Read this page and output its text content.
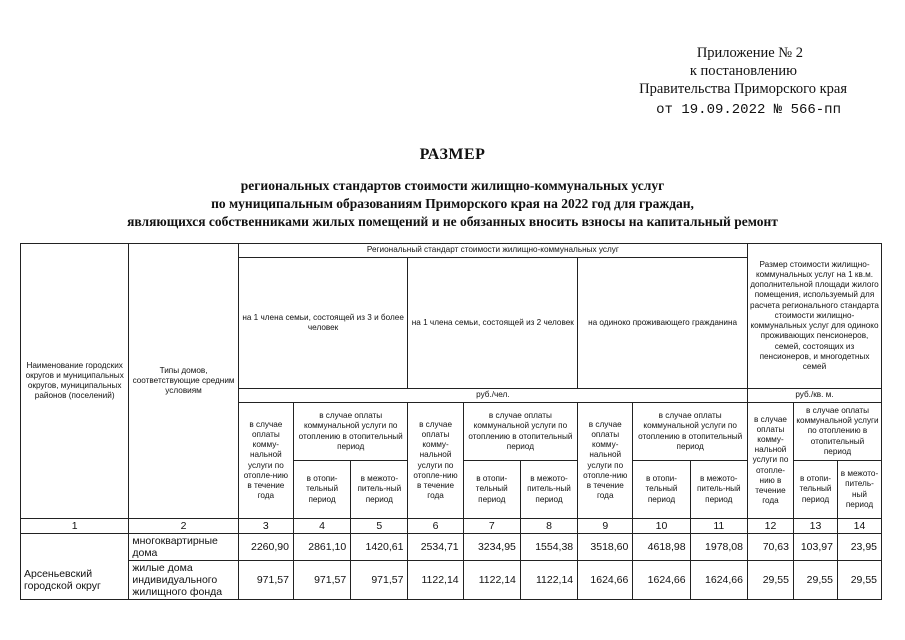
Приложение № 2
к постановлению
Правительства Приморского края
от 19.09.2022 № 566-пп
РАЗМЕР
региональных стандартов стоимости жилищно-коммунальных услуг
по муниципальным образованиям Приморского края на 2022 год для граждан,
являющихся собственниками жилых помещений и не обязанных вносить взносы на капитальный ремонт
Наименование городских округов и муниципальных округов, муниципальных районов (поселений)	Типы домов, соответствующие средним условиям	Региональный стандарт стоимости жилищно-коммунальных услуг									Размер стоимости жилищно-коммунальных услуг на 1 кв.м. дополнительной площади жилого помещения, используемый для расчета регионального стандарта стоимости жилищно-коммунальных услуг для одиноко проживающих пенсионеров, семей, состоящих из пенсионеров, и многодетных семей		
		на 1 члена семьи, состоящей из 3 и более человек			на 1 члена семьи, состоящей из 2 человек			на одиноко проживающего гражданина					
		руб./чел.									руб./кв. м.		
		в случае оплаты комму-нальной услуги по отопле-нию в течение года	в случае оплаты коммунальной услуги по отоплению в отопительный период		в случае оплаты комму-нальной услуги по отопле-нию в течение года	в случае оплаты коммунальной услуги по отоплению в отопительный период		в случае оплаты комму-нальной услуги по отопле-нию в течение года	в случае оплаты коммунальной услуги по отоплению в отопительный период		в случае оплаты комму-нальной услуги по отопле-нию в течение года	в случае оплаты коммунальной услуги по отоплению в отопительный период	
			в отопи-тельный период	в межото-питель-ный период		в отопи-тельный период	в межото-питель-ный период		в отопи-тельный период	в межото-питель-ный период		в отопи-тельный период	в межото-питель-ный период
1	2	3	4	5	6	7	8	9	10	11	12	13	14
	многоквартирные дома	2260,90	2861,10	1420,61	2534,71	3234,95	1554,38	3518,60	4618,98	1978,08	70,63	103,97	23,95
Арсеньевский городской округ	жилые дома индивидуального жилищного фонда	971,57	971,57	971,57	1122,14	1122,14	1122,14	1624,66	1624,66	1624,66	29,55	29,55	29,55
